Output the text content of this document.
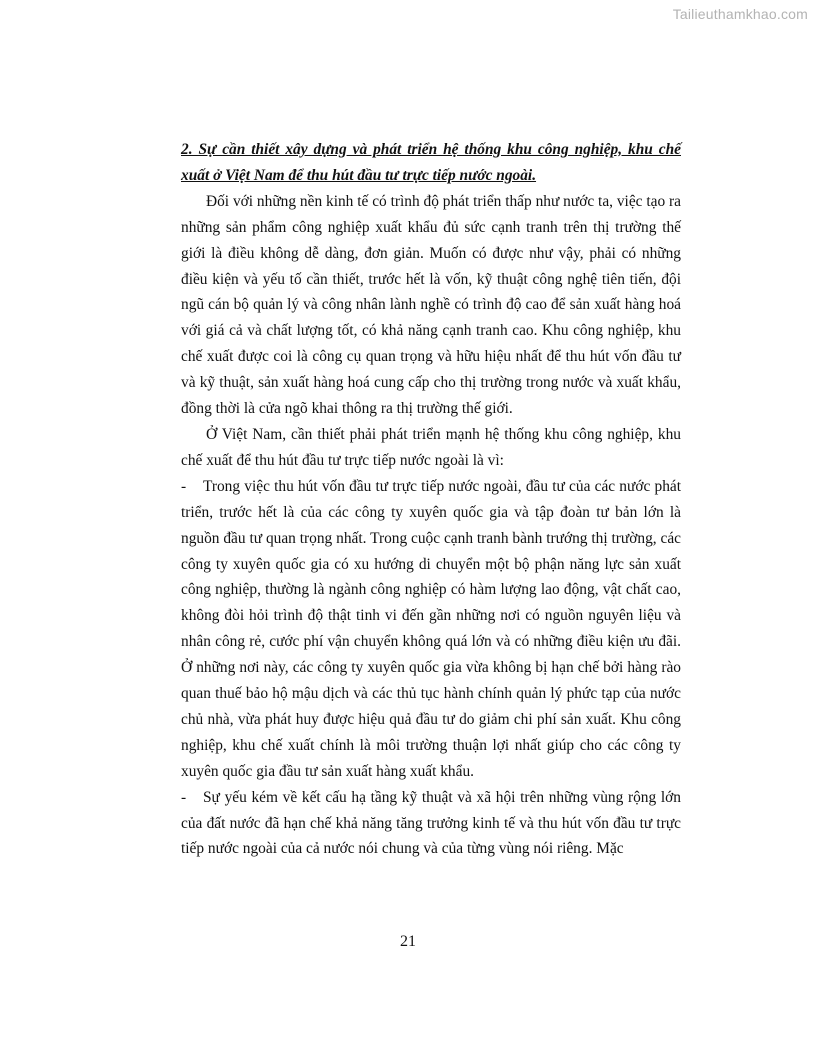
Tailieuthamkhao.com

2. Sự cần thiết xây dựng và phát triển hệ thống khu công nghiệp, khu chế xuất ở Việt Nam để thu hút đầu tư trực tiếp nước ngoài.

Đối với những nền kinh tế có trình độ phát triển thấp như nước ta, việc tạo ra những sản phẩm công nghiệp xuất khẩu đủ sức cạnh tranh trên thị trường thế giới là điều không dễ dàng, đơn giản. Muốn có được như vậy, phải có những điều kiện và yếu tố cần thiết, trước hết là vốn, kỹ thuật công nghệ tiên tiến, đội ngũ cán bộ quản lý và công nhân lành nghề có trình độ cao để sản xuất hàng hoá với giá cả và chất lượng tốt, có khả năng cạnh tranh cao. Khu công nghiệp, khu chế xuất được coi là công cụ quan trọng và hữu hiệu nhất để thu hút vốn đầu tư và kỹ thuật, sản xuất hàng hoá cung cấp cho thị trường trong nước và xuất khẩu, đồng thời là cửa ngõ khai thông ra thị trường thế giới.

Ở Việt Nam, cần thiết phải phát triển mạnh hệ thống khu công nghiệp, khu chế xuất để thu hút đầu tư trực tiếp nước ngoài là vì:

- Trong việc thu hút vốn đầu tư trực tiếp nước ngoài, đầu tư của các nước phát triển, trước hết là của các công ty xuyên quốc gia và tập đoàn tư bản lớn là nguồn đầu tư quan trọng nhất. Trong cuộc cạnh tranh bành trướng thị trường, các công ty xuyên quốc gia có xu hướng di chuyển một bộ phận năng lực sản xuất công nghiệp, thường là ngành công nghiệp có hàm lượng lao động, vật chất cao, không đòi hỏi trình độ thật tinh vi đến gần những nơi có nguồn nguyên liệu và nhân công rẻ, cước phí vận chuyển không quá lớn và có những điều kiện ưu đãi. Ở những nơi này, các công ty xuyên quốc gia vừa không bị hạn chế bởi hàng rào quan thuế bảo hộ mậu dịch và các thủ tục hành chính quản lý phức tạp của nước chủ nhà, vừa phát huy được hiệu quả đầu tư do giảm chi phí sản xuất. Khu công nghiệp, khu chế xuất chính là môi trường thuận lợi nhất giúp cho các công ty xuyên quốc gia đầu tư sản xuất hàng xuất khẩu.

- Sự yếu kém về kết cấu hạ tầng kỹ thuật và xã hội trên những vùng rộng lớn của đất nước đã hạn chế khả năng tăng trưởng kinh tế và thu hút vốn đầu tư trực tiếp nước ngoài của cả nước nói chung và của từng vùng nói riêng. Mặc

21
